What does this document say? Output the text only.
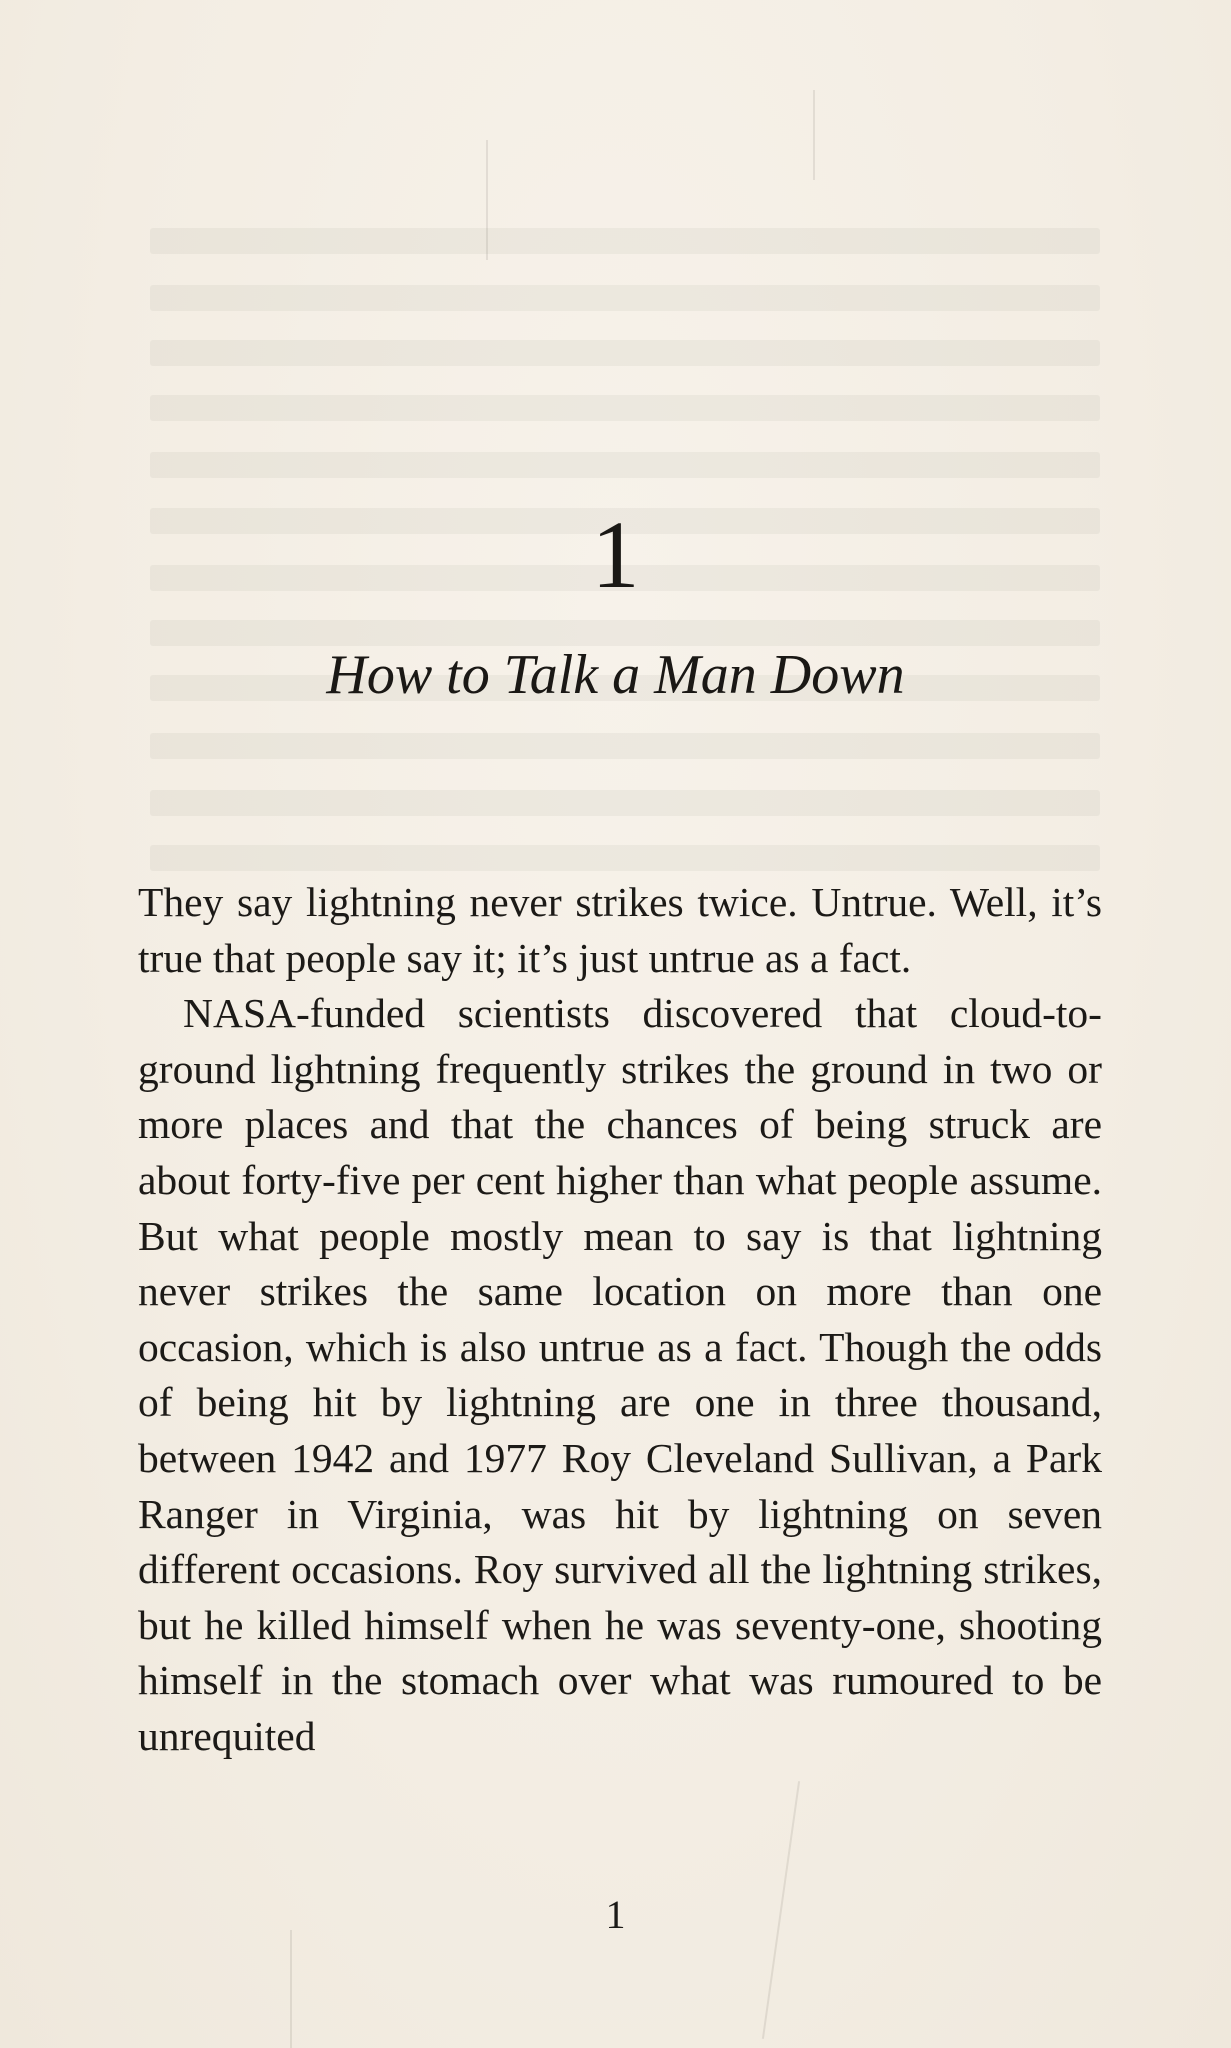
1
How to Talk a Man Down

They say lightning never strikes twice. Untrue. Well, it’s true that people say it; it’s just untrue as a fact.

NASA-funded scientists discovered that cloud-to-ground lightning frequently strikes the ground in two or more places and that the chances of being struck are about forty-five per cent higher than what people assume. But what people mostly mean to say is that lightning never strikes the same location on more than one occasion, which is also untrue as a fact. Though the odds of being hit by lightning are one in three thousand, between 1942 and 1977 Roy Cleveland Sullivan, a Park Ranger in Virginia, was hit by lightning on seven different occasions. Roy survived all the lightning strikes, but he killed himself when he was seventy-one, shooting himself in the stomach over what was rumoured to be unrequited

1
